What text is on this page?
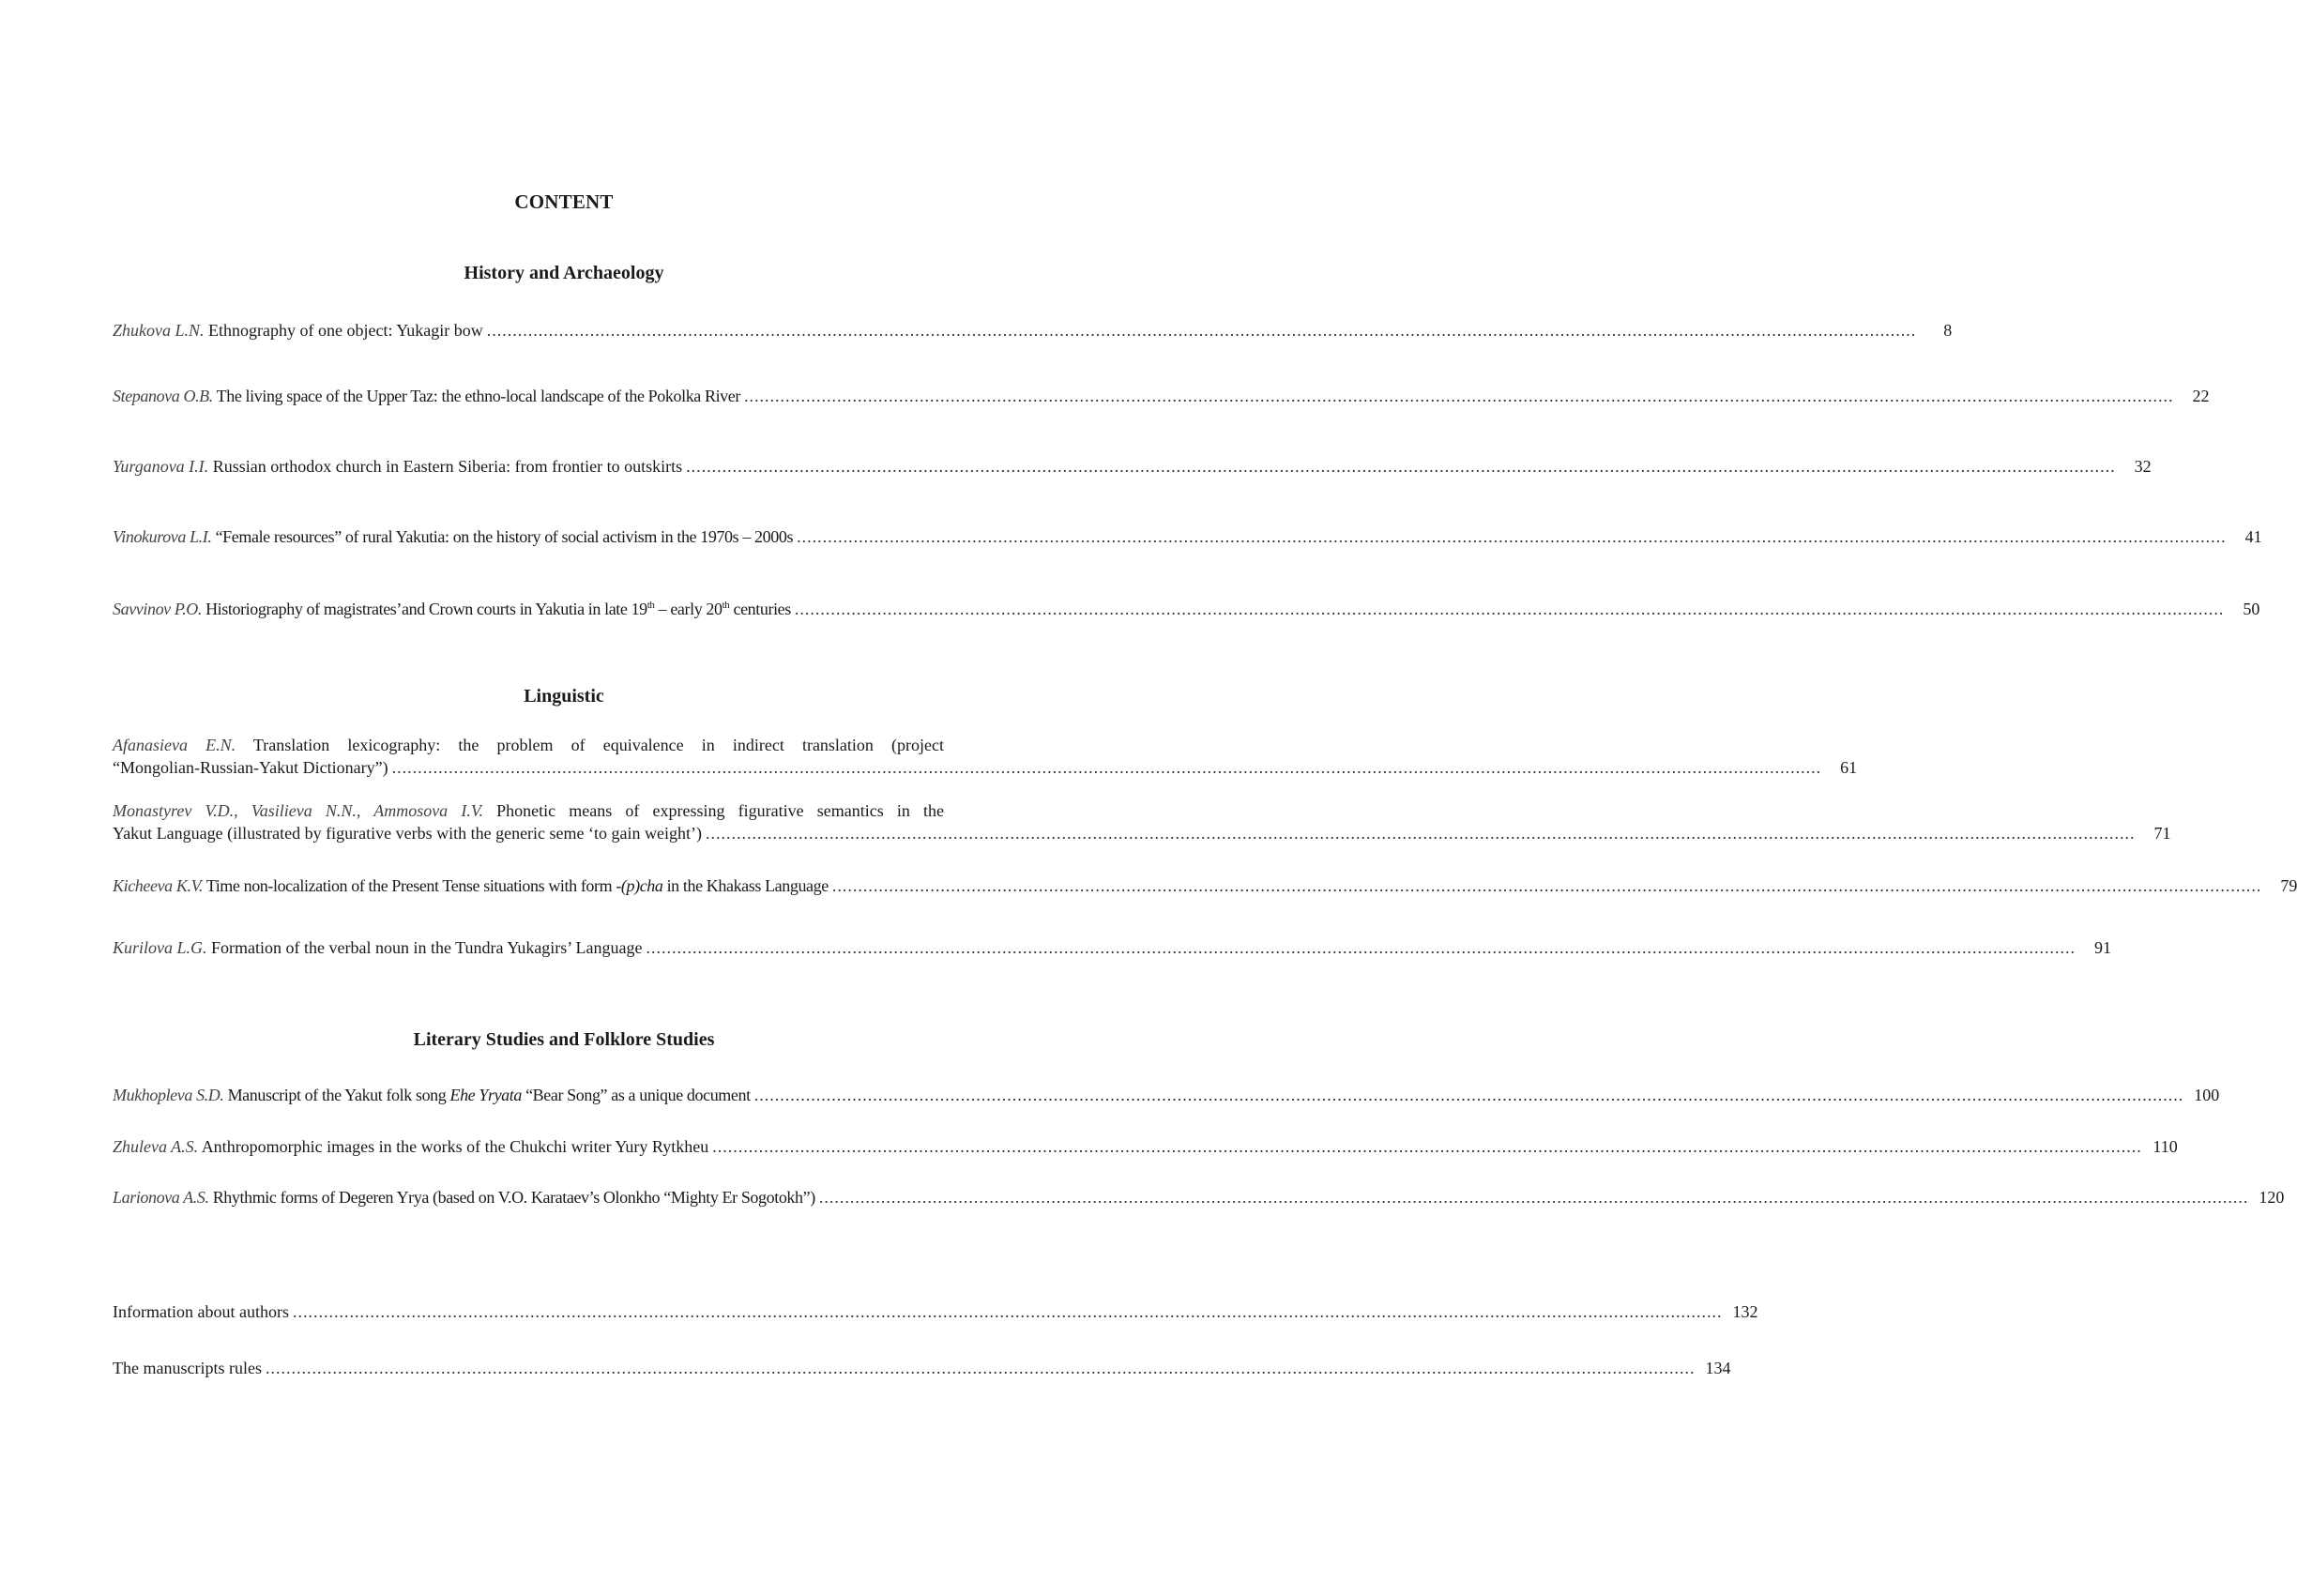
CONTENT
History and Archaeology
Zhukova L.N. Ethnography of one object: Yukagir bow .....	8
Stepanova O.B. The living space of the Upper Taz: the ethno-local landscape of the Pokolka River .....	22
Yurganova I.I. Russian orthodox church in Eastern Siberia: from frontier to outskirts .....	32
Vinokurova L.I. “Female resources” of rural Yakutia: on the history of social activism in the 1970s – 2000s .....	41
Savvinov P.O. Historiography of magistrates’and Crown courts in Yakutia in late 19th – early 20th centuries .....	50
Linguistic
Afanasieva E.N. Translation lexicography: the problem of equivalence in indirect translation (project
“Mongolian-Russian-Yakut Dictionary”) .....	61
Monastyrev V.D., Vasilieva N.N., Ammosova I.V. Phonetic means of expressing figurative semantics in the
Yakut Language (illustrated by figurative verbs with the generic seme ‘to gain weight’) .....	71
Kicheeva K.V. Time non-localization of the Present Tense situations with form -(p)cha in the Khakass Language .....	79
Kurilova L.G. Formation of the verbal noun in the Tundra Yukagirs’ Language .....	91
Literary Studies and Folklore Studies
Mukhopleva S.D. Manuscript of the Yakut folk song Ehe Yryata “Bear Song” as a unique document .....	100
Zhuleva A.S. Anthropomorphic images in the works of the Chukchi writer Yury Rytkheu .....	110
Larionova A.S. Rhythmic forms of Degeren Yrya (based on V.O. Karataev’s Olonkho “Mighty Er Sogotokh”) .....	120
Information about authors .....	132
The manuscripts rules .....	134
